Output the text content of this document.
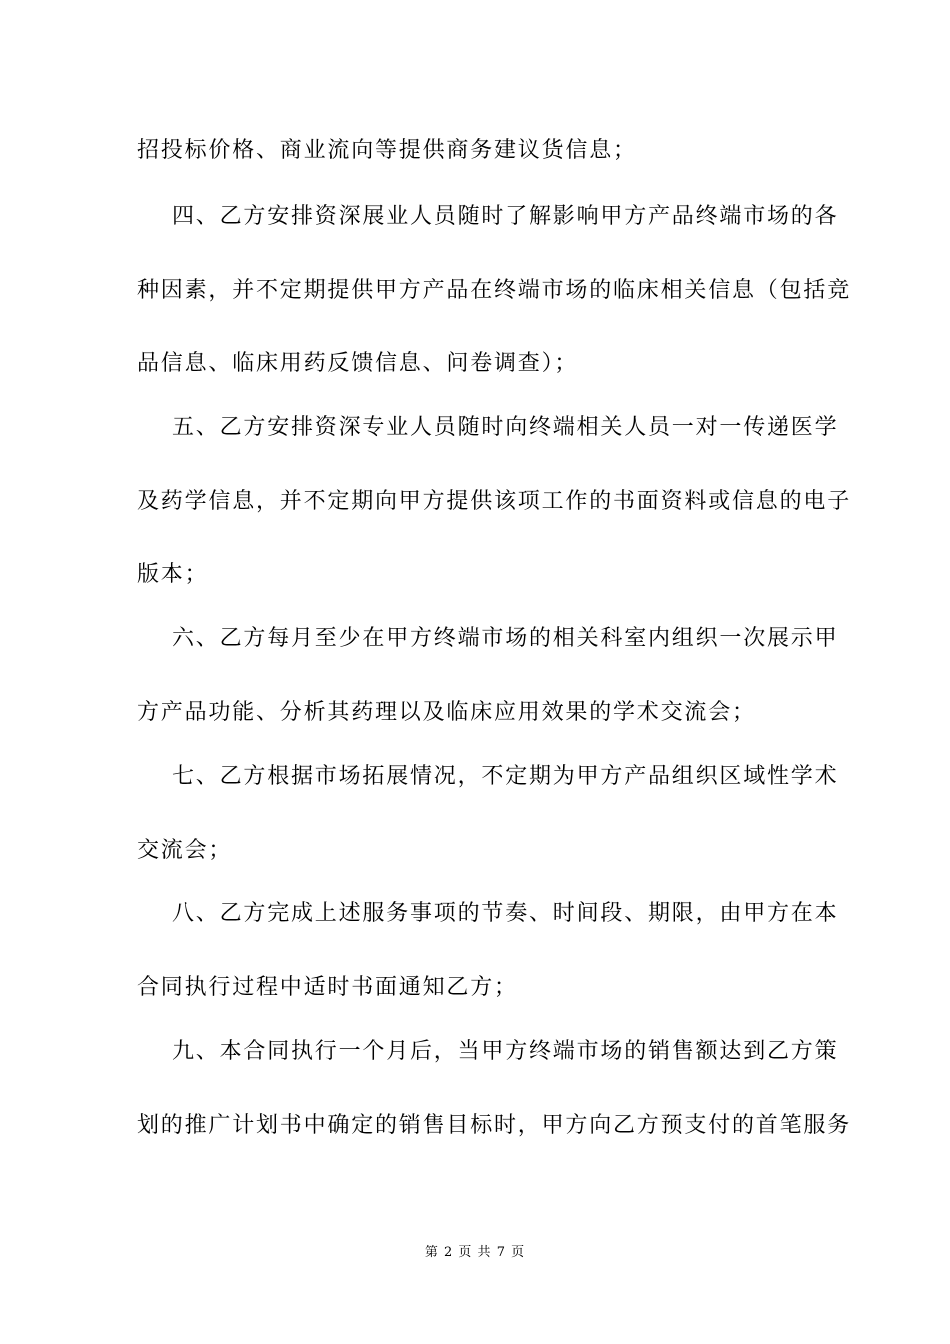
招投标价格、商业流向等提供商务建议货信息；
四、乙方安排资深展业人员随时了解影响甲方产品终端市场的各
种因素，并不定期提供甲方产品在终端市场的临床相关信息（包括竞
品信息、临床用药反馈信息、问卷调查）；
五、乙方安排资深专业人员随时向终端相关人员一对一传递医学
及药学信息，并不定期向甲方提供该项工作的书面资料或信息的电子
版本；
六、乙方每月至少在甲方终端市场的相关科室内组织一次展示甲
方产品功能、分析其药理以及临床应用效果的学术交流会；
七、乙方根据市场拓展情况，不定期为甲方产品组织区域性学术
交流会；
八、乙方完成上述服务事项的节奏、时间段、期限，由甲方在本
合同执行过程中适时书面通知乙方；
九、本合同执行一个月后，当甲方终端市场的销售额达到乙方策
划的推广计划书中确定的销售目标时，甲方向乙方预支付的首笔服务
第 2 页 共 7 页
